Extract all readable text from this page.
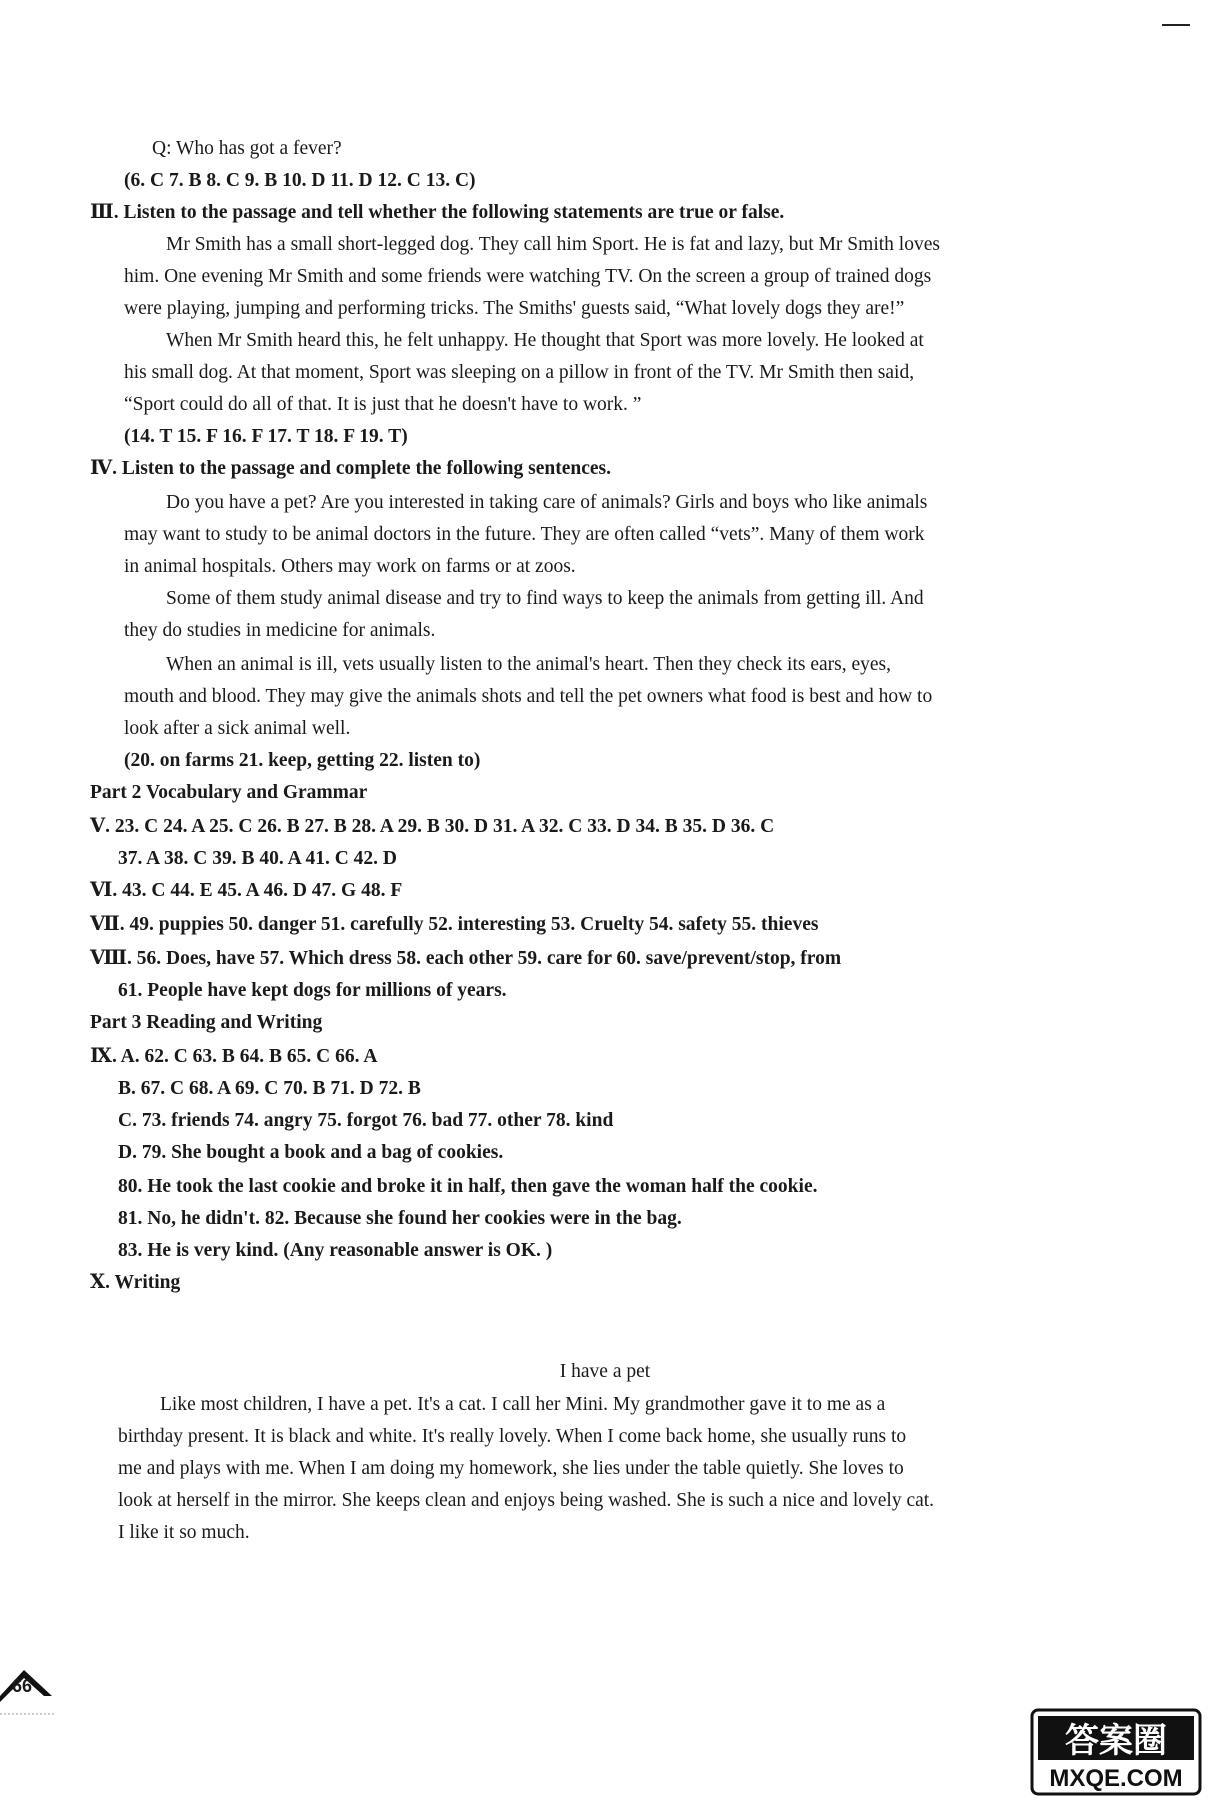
Q: Who has got a fever?
(6. C 7. B 8. C 9. B 10. D 11. D 12. C 13. C)
Ⅲ. Listen to the passage and tell whether the following statements are true or false.
Mr Smith has a small short-legged dog. They call him Sport. He is fat and lazy, but Mr Smith loves
him. One evening Mr Smith and some friends were watching TV. On the screen a group of trained dogs
were playing, jumping and performing tricks. The Smiths' guests said, “What lovely dogs they are!”
When Mr Smith heard this, he felt unhappy. He thought that Sport was more lovely. He looked at
his small dog. At that moment, Sport was sleeping on a pillow in front of the TV. Mr Smith then said,
“Sport could do all of that. It is just that he doesn't have to work. ”
(14. T 15. F 16. F 17. T 18. F 19. T)
Ⅳ. Listen to the passage and complete the following sentences.
Do you have a pet? Are you interested in taking care of animals? Girls and boys who like animals
may want to study to be animal doctors in the future. They are often called “vets”. Many of them work
in animal hospitals. Others may work on farms or at zoos.
Some of them study animal disease and try to find ways to keep the animals from getting ill. And
they do studies in medicine for animals.
When an animal is ill, vets usually listen to the animal's heart. Then they check its ears, eyes,
mouth and blood. They may give the animals shots and tell the pet owners what food is best and how to
look after a sick animal well.
(20. on farms 21. keep, getting 22. listen to)
Part 2 Vocabulary and Grammar
Ⅴ. 23. C 24. A 25. C 26. B 27. B 28. A 29. B 30. D 31. A 32. C 33. D 34. B 35. D 36. C
37. A 38. C 39. B 40. A 41. C 42. D
Ⅵ. 43. C 44. E 45. A 46. D 47. G 48. F
Ⅶ. 49. puppies 50. danger 51. carefully 52. interesting 53. Cruelty 54. safety 55. thieves
Ⅷ. 56. Does, have 57. Which dress 58. each other 59. care for 60. save/prevent/stop, from
61. People have kept dogs for millions of years.
Part 3 Reading and Writing
Ⅸ. A. 62. C 63. B 64. B 65. C 66. A
B. 67. C 68. A 69. C 70. B 71. D 72. B
C. 73. friends 74. angry 75. forgot 76. bad 77. other 78. kind
D. 79. She bought a book and a bag of cookies.
80. He took the last cookie and broke it in half, then gave the woman half the cookie.
81. No, he didn't. 82. Because she found her cookies were in the bag.
83. He is very kind. (Any reasonable answer is OK. )
Ⅹ. Writing
I have a pet
Like most children, I have a pet. It's a cat. I call her Mini. My grandmother gave it to me as a
birthday present. It is black and white. It's really lovely. When I come back home, she usually runs to
me and plays with me. When I am doing my homework, she lies under the table quietly. She loves to
look at herself in the mirror. She keeps clean and enjoys being washed. She is such a nice and lovely cat.
I like it so much.
66
答案圈
MXQE.COM
